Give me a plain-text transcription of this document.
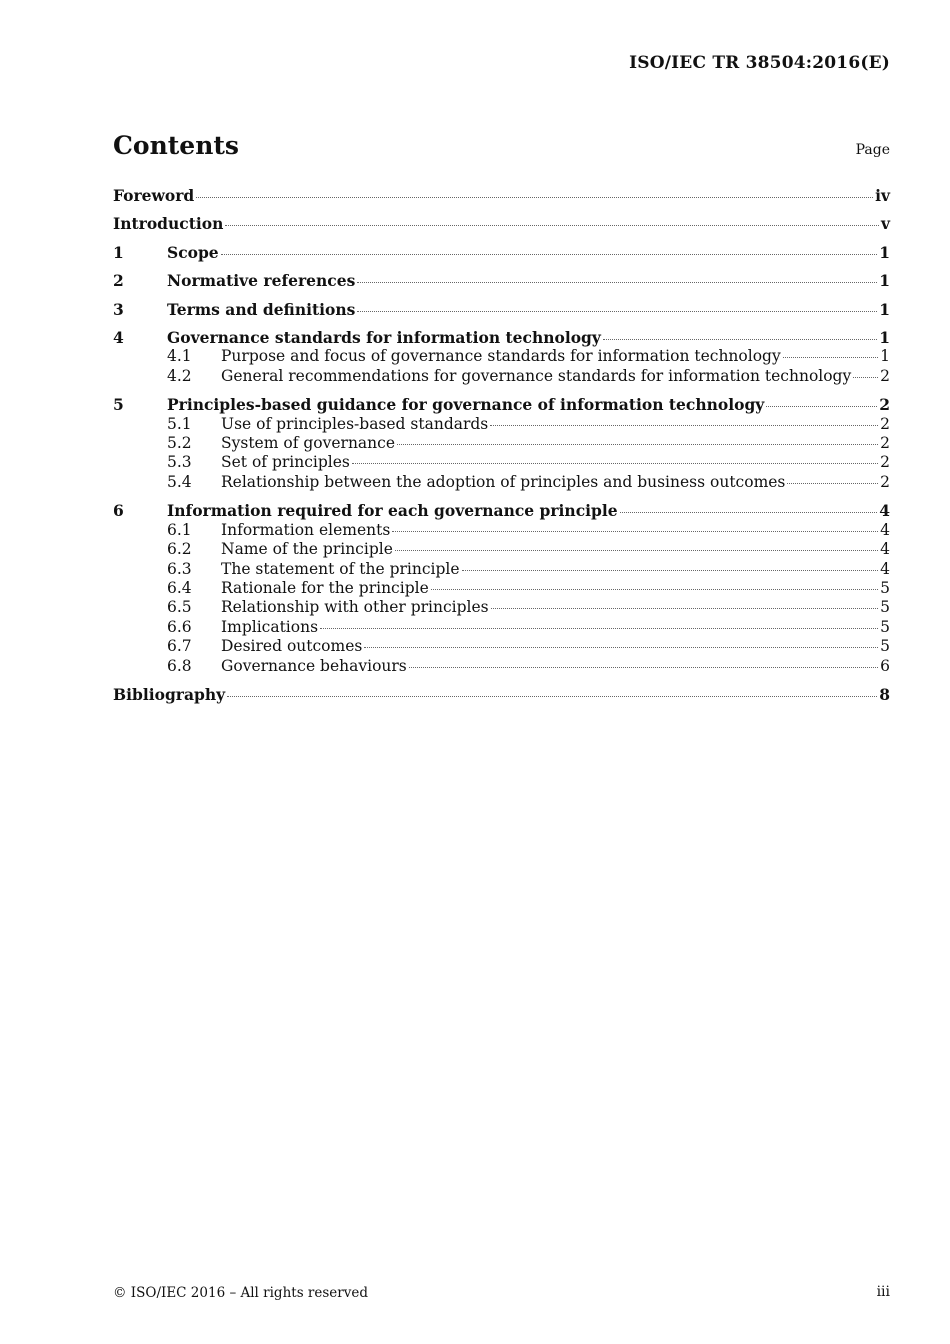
ISO/IEC TR 38504:2016(E)
Contents	Page
Foreword	iv
Introduction	v
1	Scope	1
2	Normative references	1
3	Terms and definitions	1
4	Governance standards for information technology	1
4.1	Purpose and focus of governance standards for information technology	1
4.2	General recommendations for governance standards for information technology 2
5	Principles-based guidance for governance of information technology	2
5.1	Use of principles-based standards	2
5.2	System of governance	2
5.3	Set of principles	2
5.4	Relationship between the adoption of principles and business outcomes	2
6	Information required for each governance principle	4
6.1	Information elements	4
6.2	Name of the principle	4
6.3	The statement of the principle	4
6.4	Rationale for the principle	5
6.5	Relationship with other principles	5
6.6	Implications	5
6.7	Desired outcomes	5
6.8	Governance behaviours	6
Bibliography	8
© ISO/IEC 2016 – All rights reserved	iii
